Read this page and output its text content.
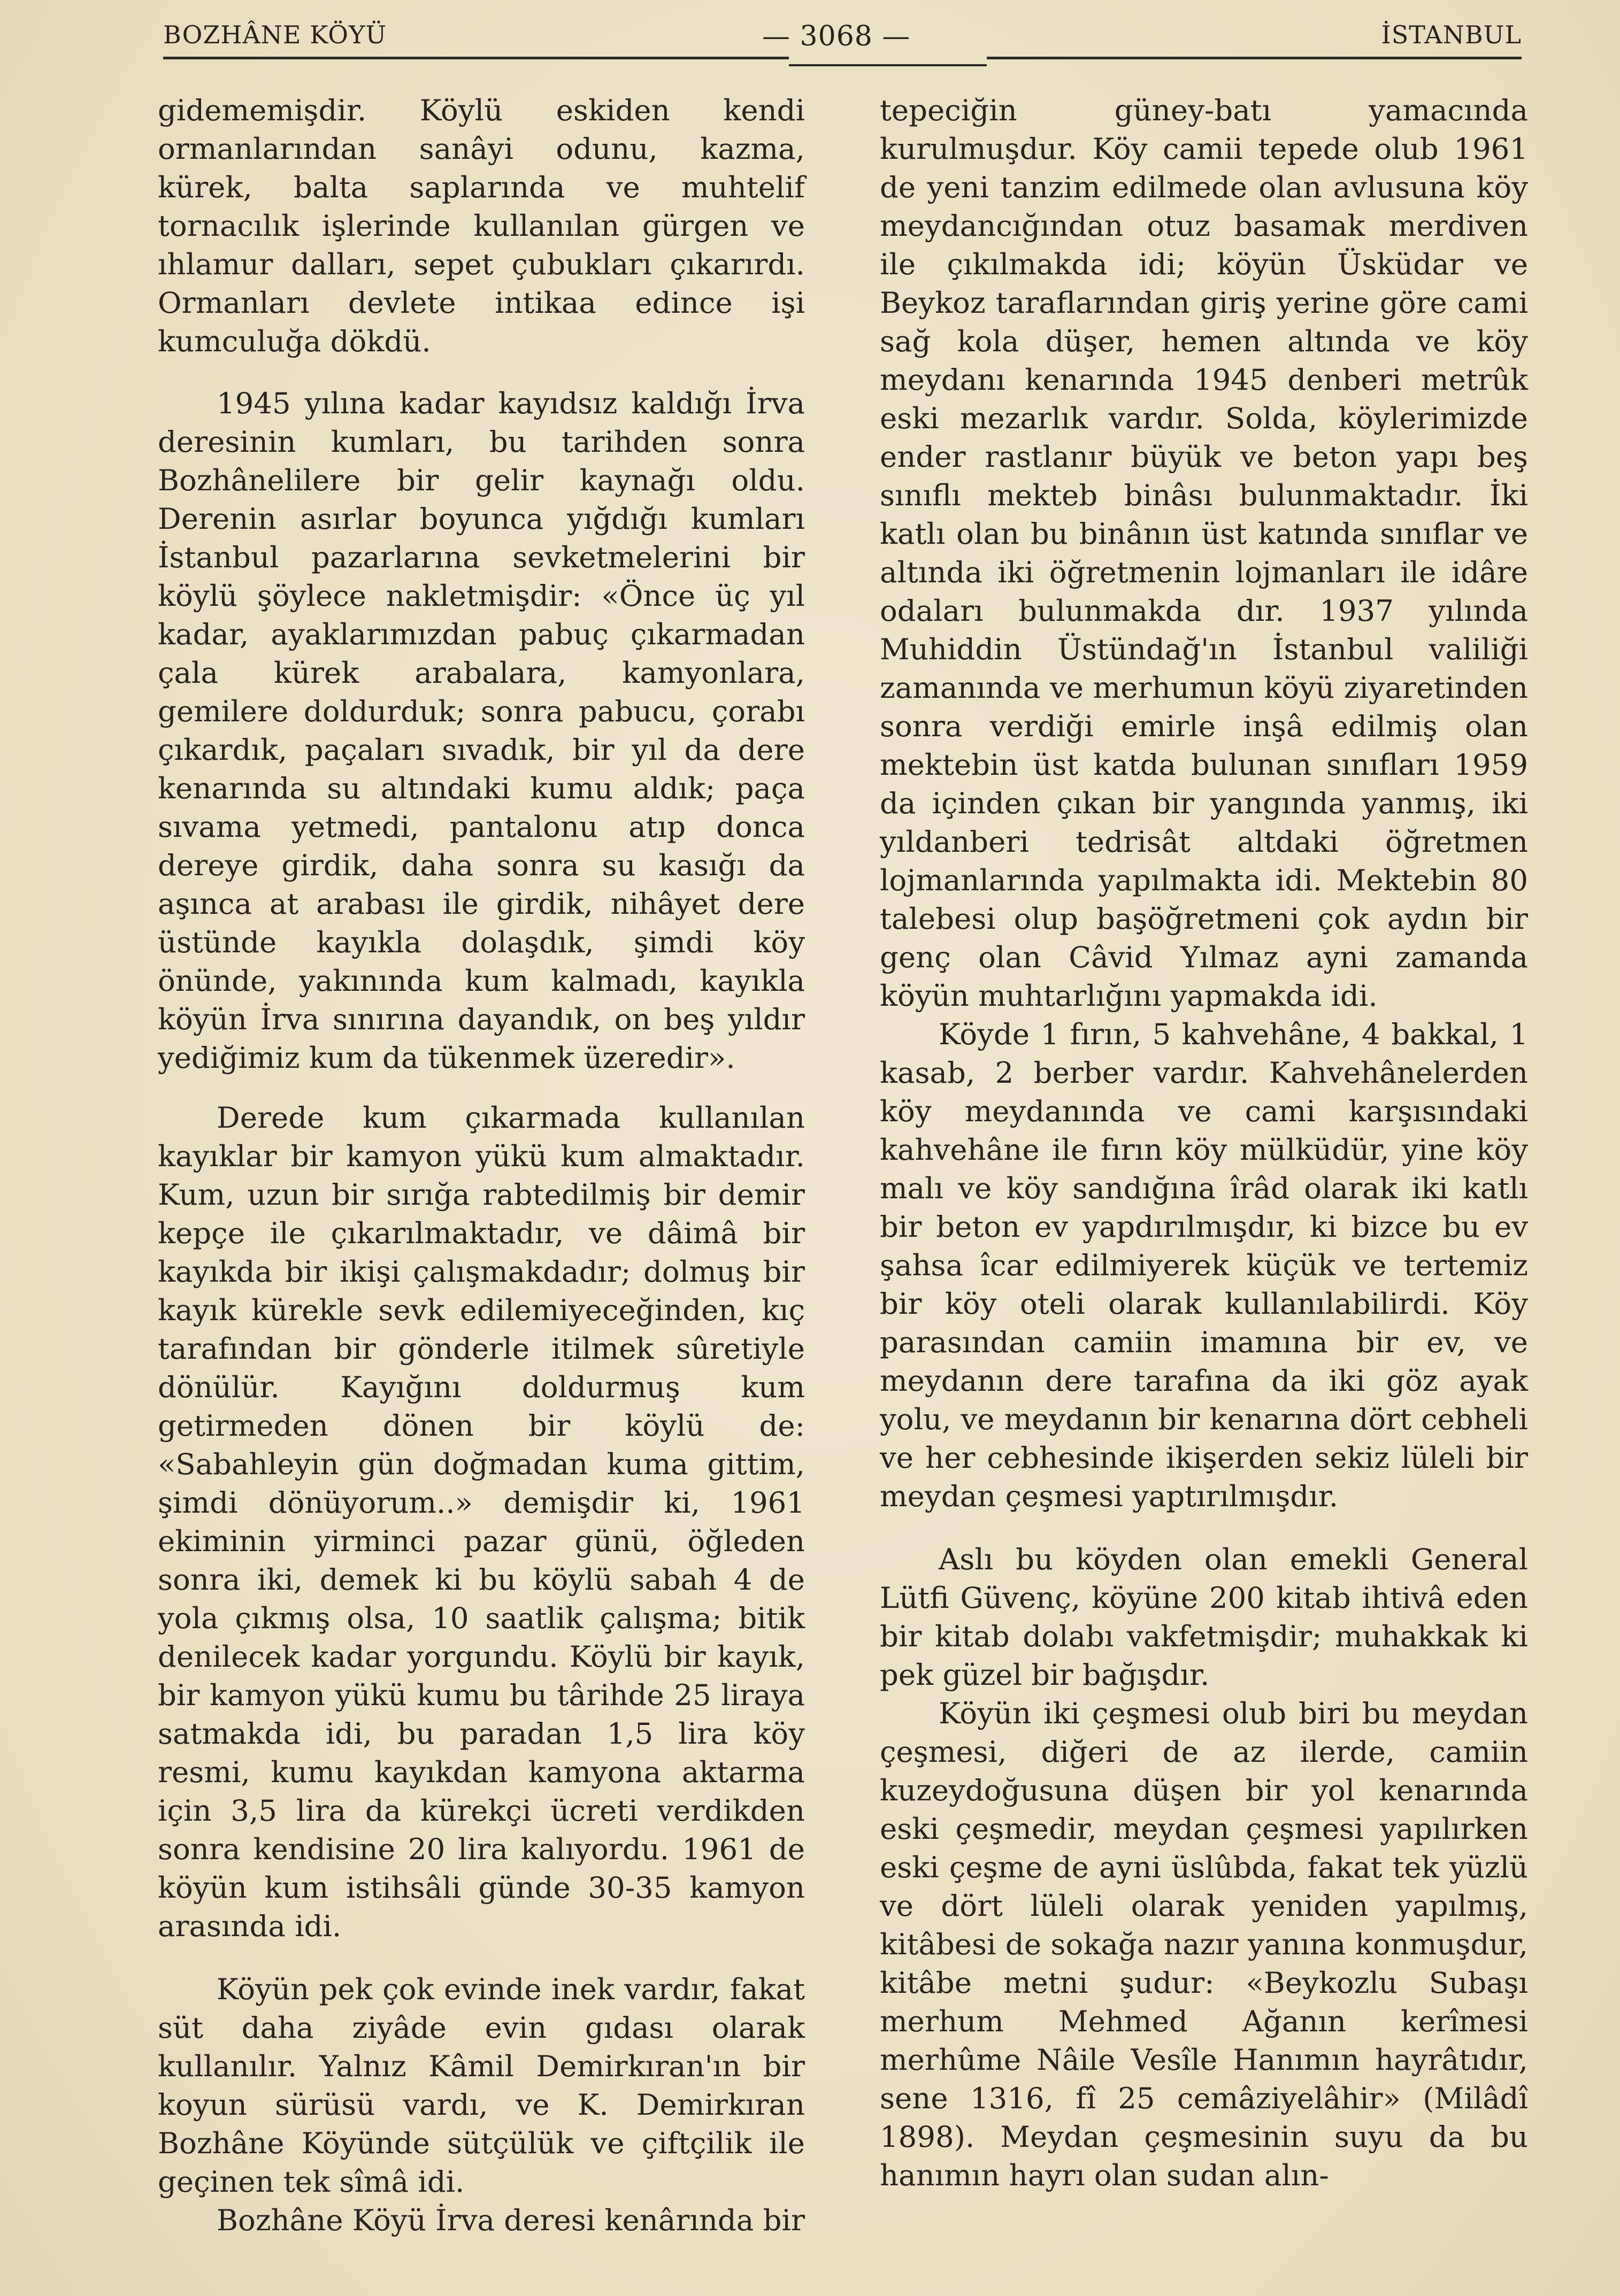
BOZHÂNE KÖYÜ	— 3068 —	İSTANBUL

gidememişdir. Köylü eskiden kendi ormanlarından sanâyi odunu, kazma, kürek, balta saplarında ve muhtelif tornacılık işlerinde kullanılan gürgen ve ıhlamur dalları, sepet çubukları çıkarırdı. Ormanları devlete intikaa edince işi kumculuğa dökdü.

1945 yılına kadar kayıdsız kaldığı İrva deresinin kumları, bu tarihden sonra Bozhânelilere bir gelir kaynağı oldu. Derenin asırlar boyunca yığdığı kumları İstanbul pazarlarına sevketmelerini bir köylü şöylece nakletmişdir: «Önce üç yıl kadar, ayaklarımızdan pabuç çıkarmadan çala kürek arabalara, kamyonlara, gemilere doldurduk; sonra pabucu, çorabı çıkardık, paçaları sıvadık, bir yıl da dere kenarında su altındaki kumu aldık; paça sıvama yetmedi, pantalonu atıp donca dereye girdik, daha sonra su kasığı da aşınca at arabası ile girdik, nihâyet dere üstünde kayıkla dolaşdık, şimdi köy önünde, yakınında kum kalmadı, kayıkla köyün İrva sınırına dayandık, on beş yıldır yediğimiz kum da tükenmek üzeredir».

Derede kum çıkarmada kullanılan kayıklar bir kamyon yükü kum almaktadır. Kum, uzun bir sırığa rabtedilmiş bir demir kepçe ile çıkarılmaktadır, ve dâimâ bir kayıkda bir ikişi çalışmakdadır; dolmuş bir kayık kürekle sevk edilemiyeceğinden, kıç tarafından bir gönderle itilmek sûretiyle dönülür. Kayığını doldurmuş kum getirmeden dönen bir köylü de: «Sabahleyin gün doğmadan kuma gittim, şimdi dönüyorum..» demişdir ki, 1961 ekiminin yirminci pazar günü, öğleden sonra iki, demek ki bu köylü sabah 4 de yola çıkmış olsa, 10 saatlik çalışma; bitik denilecek kadar yorgundu. Köylü bir kayık, bir kamyon yükü kumu bu târihde 25 liraya satmakda idi, bu paradan 1,5 lira köy resmi, kumu kayıkdan kamyona aktarma için 3,5 lira da kürekçi ücreti verdikden sonra kendisine 20 lira kalıyordu. 1961 de köyün kum istihsâli günde 30-35 kamyon arasında idi.

Köyün pek çok evinde inek vardır, fakat süt daha ziyâde evin gıdası olarak kullanılır. Yalnız Kâmil Demirkıran'ın bir koyun sürüsü vardı, ve K. Demirkıran Bozhâne Köyünde sütçülük ve çiftçilik ile geçinen tek sîmâ idi.

Bozhâne Köyü İrva deresi kenârında bir

tepeciğin güney-batı yamacında kurulmuşdur. Köy camii tepede olub 1961 de yeni tanzim edilmede olan avlusuna köy meydancığından otuz basamak merdiven ile çıkılmakda idi; köyün Üsküdar ve Beykoz taraflarından giriş yerine göre cami sağ kola düşer, hemen altında ve köy meydanı kenarında 1945 denberi metrûk eski mezarlık vardır. Solda, köylerimizde ender rastlanır büyük ve beton yapı beş sınıflı mekteb binâsı bulunmaktadır. İki katlı olan bu binânın üst katında sınıflar ve altında iki öğretmenin lojmanları ile idâre odaları bulunmakda dır. 1937 yılında Muhiddin Üstündağ'ın İstanbul valiliği zamanında ve merhumun köyü ziyaretinden sonra verdiği emirle inşâ edilmiş olan mektebin üst katda bulunan sınıfları 1959 da içinden çıkan bir yangında yanmış, iki yıldanberi tedrisât altdaki öğretmen lojmanlarında yapılmakta idi. Mektebin 80 talebesi olup başöğretmeni çok aydın bir genç olan Câvid Yılmaz ayni zamanda köyün muhtarlığını yapmakda idi.

Köyde 1 fırın, 5 kahvehâne, 4 bakkal, 1 kasab, 2 berber vardır. Kahvehânelerden köy meydanında ve cami karşısındaki kahvehâne ile fırın köy mülküdür, yine köy malı ve köy sandığına îrâd olarak iki katlı bir beton ev yapdırılmışdır, ki bizce bu ev şahsa îcar edilmiyerek küçük ve tertemiz bir köy oteli olarak kullanılabilirdi. Köy parasından camiin imamına bir ev, ve meydanın dere tarafına da iki göz ayak yolu, ve meydanın bir kenarına dört cebheli ve her cebhesinde ikişerden sekiz lüleli bir meydan çeşmesi yaptırılmışdır.

Aslı bu köyden olan emekli General Lütfi Güvenç, köyüne 200 kitab ihtivâ eden bir kitab dolabı vakfetmişdir; muhakkak ki pek güzel bir bağışdır.

Köyün iki çeşmesi olub biri bu meydan çeşmesi, diğeri de az ilerde, camiin kuzeydoğusuna düşen bir yol kenarında eski çeşmedir, meydan çeşmesi yapılırken eski çeşme de ayni üslûbda, fakat tek yüzlü ve dört lüleli olarak yeniden yapılmış, kitâbesi de sokağa nazır yanına konmuşdur, kitâbe metni şudur: «Beykozlu Subaşı merhum Mehmed Ağanın kerîmesi merhûme Nâile Vesîle Hanımın hayrâtıdır, sene 1316, fî 25 cemâziyelâhir» (Milâdî 1898). Meydan çeşmesinin suyu da bu hanımın hayrı olan sudan alın-
